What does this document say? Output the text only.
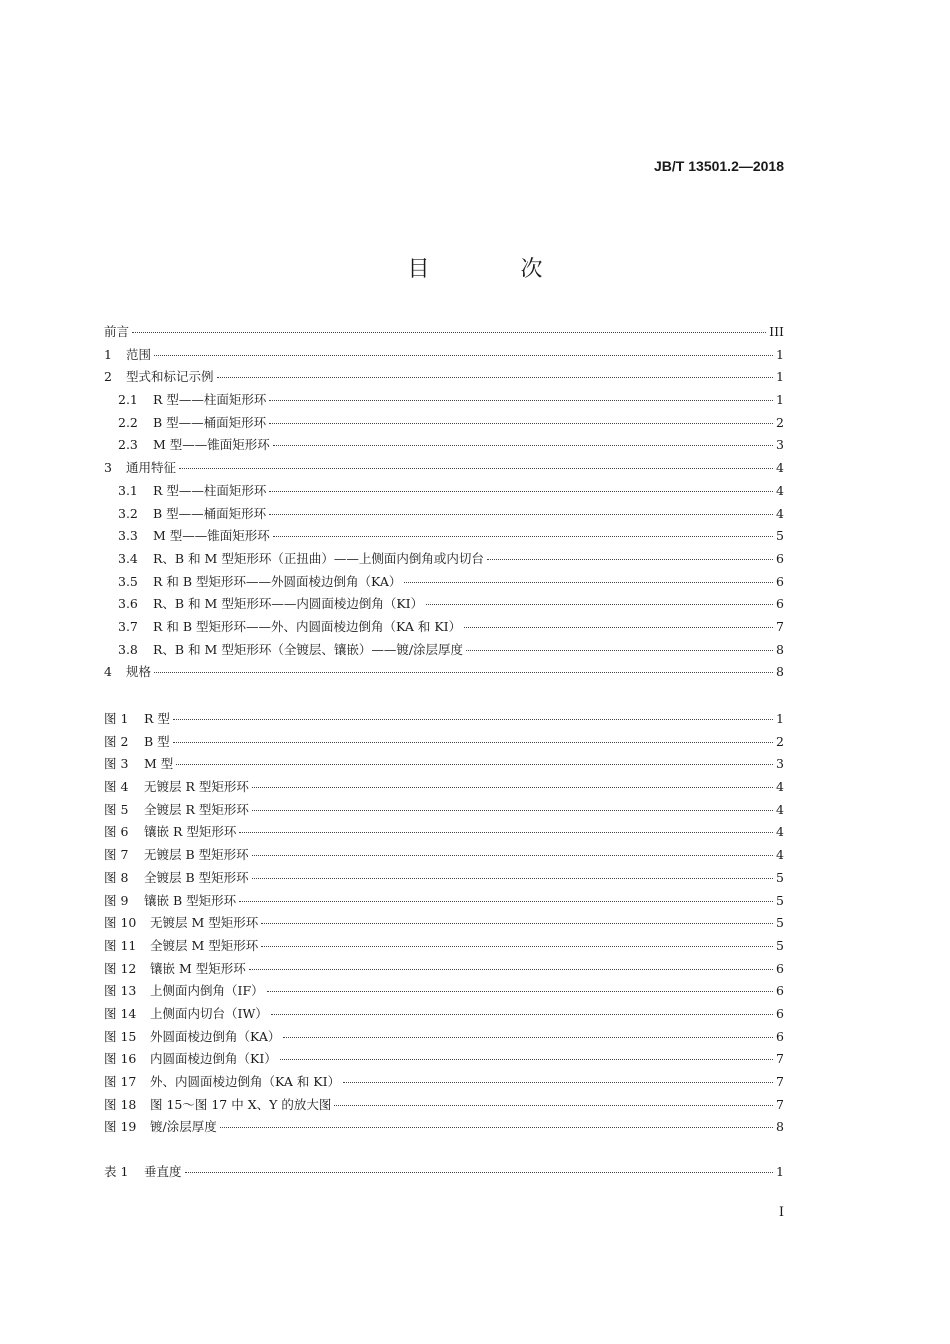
JB/T 13501.2—2018
目 次
前言	III
1	范围	1
2	型式和标记示例	1
2.1	R 型——柱面矩形环	1
2.2	B 型——桶面矩形环	2
2.3	M 型——锥面矩形环	3
3	通用特征	4
3.1	R 型——柱面矩形环	4
3.2	B 型——桶面矩形环	4
3.3	M 型——锥面矩形环	5
3.4	R、B 和 M 型矩形环（正扭曲）——上侧面内倒角或内切台	6
3.5	R 和 B 型矩形环——外圆面棱边倒角（KA）	6
3.6	R、B 和 M 型矩形环——内圆面棱边倒角（KI）	6
3.7	R 和 B 型矩形环——外、内圆面棱边倒角（KA 和 KI）	7
3.8	R、B 和 M 型矩形环（全镀层、镶嵌）——镀/涂层厚度	8
4	规格	8
图 1	R 型	1
图 2	B 型	2
图 3	M 型	3
图 4	无镀层 R 型矩形环	4
图 5	全镀层 R 型矩形环	4
图 6	镶嵌 R 型矩形环	4
图 7	无镀层 B 型矩形环	4
图 8	全镀层 B 型矩形环	5
图 9	镶嵌 B 型矩形环	5
图 10	无镀层 M 型矩形环	5
图 11	全镀层 M 型矩形环	5
图 12	镶嵌 M 型矩形环	6
图 13	上侧面内倒角（IF）	6
图 14	上侧面内切台（IW）	6
图 15	外圆面棱边倒角（KA）	6
图 16	内圆面棱边倒角（KI）	7
图 17	外、内圆面棱边倒角（KA 和 KI）	7
图 18	图 15～图 17 中 X、Y 的放大图	7
图 19	镀/涂层厚度	8
表 1	垂直度	1
I
